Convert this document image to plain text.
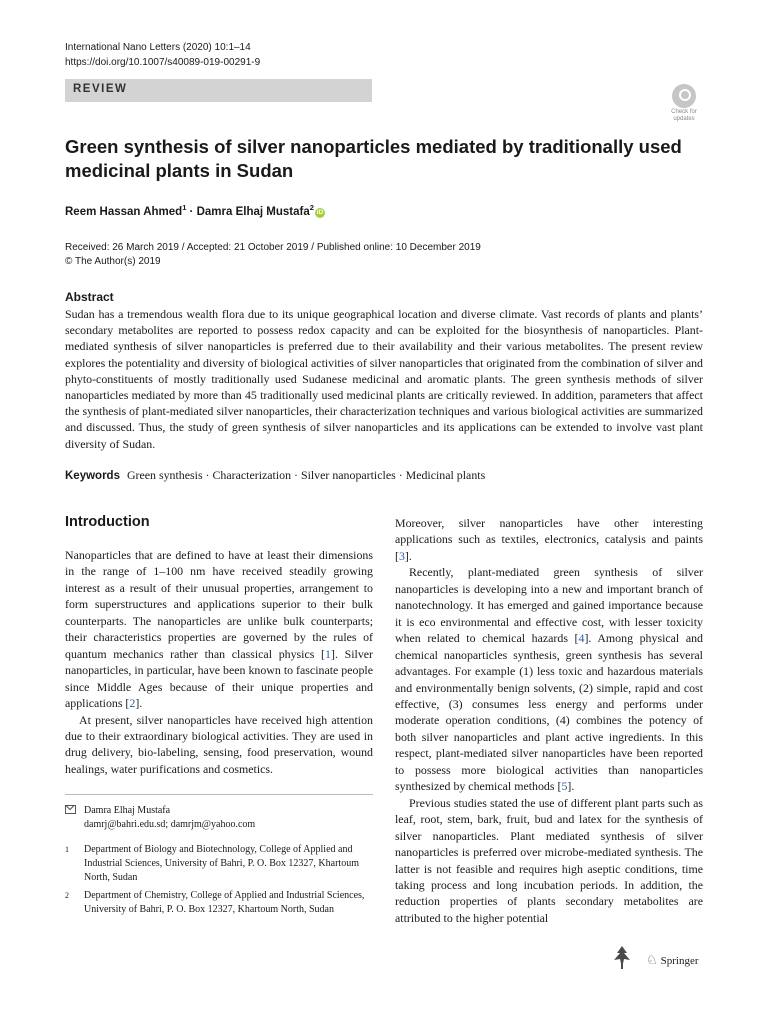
International Nano Letters (2020) 10:1–14
https://doi.org/10.1007/s40089-019-00291-9
REVIEW
Check for
updates
Green synthesis of silver nanoparticles mediated by traditionally used medicinal plants in Sudan
Reem Hassan Ahmed$^1$ · Damra Elhaj Mustafa$^2$iD
Received: 26 March 2019 / Accepted: 21 October 2019 / Published online: 10 December 2019
© The Author(s) 2019
Abstract
Sudan has a tremendous wealth flora due to its unique geographical location and diverse climate. Vast records of plants and plants’ secondary metabolites are reported to possess redox capacity and can be exploited for the biosynthesis of nanoparticles. Plant-mediated synthesis of silver nanoparticles is preferred due to their availability and their various metabolites. The present review explores the potentiality and diversity of biological activities of silver nanoparticles that originated from the combination of silver and phyto-constituents of mostly traditionally used Sudanese medicinal and aromatic plants. The green synthesis methods of silver nanoparticles mediated by more than 45 traditionally used medicinal plants are critically reviewed. In addition, parameters that affect the synthesis of plant-mediated silver nanoparticles, their characterization techniques and various biological activities are summarized and discussed. Thus, the study of green synthesis of silver nanoparticles and its applications can be extended to involve vast plant diversity of Sudan.
Keywords Green synthesis · Characterization · Silver nanoparticles · Medicinal plants
Introduction

Nanoparticles that are defined to have at least their dimensions in the range of 1–100 nm have received steadily growing interest as a result of their unusual properties, arrangement to form superstructures and applications superior to their bulk counterparts. The nanoparticles are unlike bulk counterparts; their characteristics properties are governed by the rules of quantum mechanics rather than classical physics [1]. Silver nanoparticles, in particular, have been known to fascinate people since Middle Ages because of their unique properties and applications [2].

At present, silver nanoparticles have received high attention due to their extraordinary biological activities. They are used in drug delivery, bio-labeling, sensing, food preservation, wound healings, water purifications and cosmetics.

Moreover, silver nanoparticles have other interesting applications such as textiles, electronics, catalysis and paints [3].

Recently, plant-mediated green synthesis of silver nanoparticles is developing into a new and important branch of nanotechnology. It has emerged and gained importance because it is eco environmental and effective cost, with lesser toxicity when related to chemical hazards [4]. Among physical and chemical nanoparticles synthesis, green synthesis has several advantages. For example (1) less toxic and hazardous materials and environmentally benign solvents, (2) simple, rapid and cost effective, (3) consumes less energy and performs under moderate operation conditions, (4) combines the potency of both silver nanoparticles and plant active ingredients. In this respect, plant-mediated silver nanoparticles have been reported to possess more biological activities than nanoparticles synthesized by chemical methods [5].

Previous studies stated the use of different plant parts such as leaf, root, stem, bark, fruit, bud and latex for the synthesis of silver nanoparticles. Plant mediated synthesis of silver nanoparticles is preferred over microbe-mediated synthesis. The latter is not feasible and requires high aseptic conditions, time taking process and long incubation periods. In addition, the reduction properties of plants secondary metabolites are attributed to the higher potential

Damra Elhaj Mustafa
damrj@bahri.edu.sd; damrjm@yahoo.com
1 Department of Biology and Biotechnology, College of Applied and Industrial Sciences, University of Bahri, P. O. Box 12327, Khartoum North, Sudan
2 Department of Chemistry, College of Applied and Industrial Sciences, University of Bahri, P. O. Box 12327, Khartoum North, Sudan
♘ Springer
